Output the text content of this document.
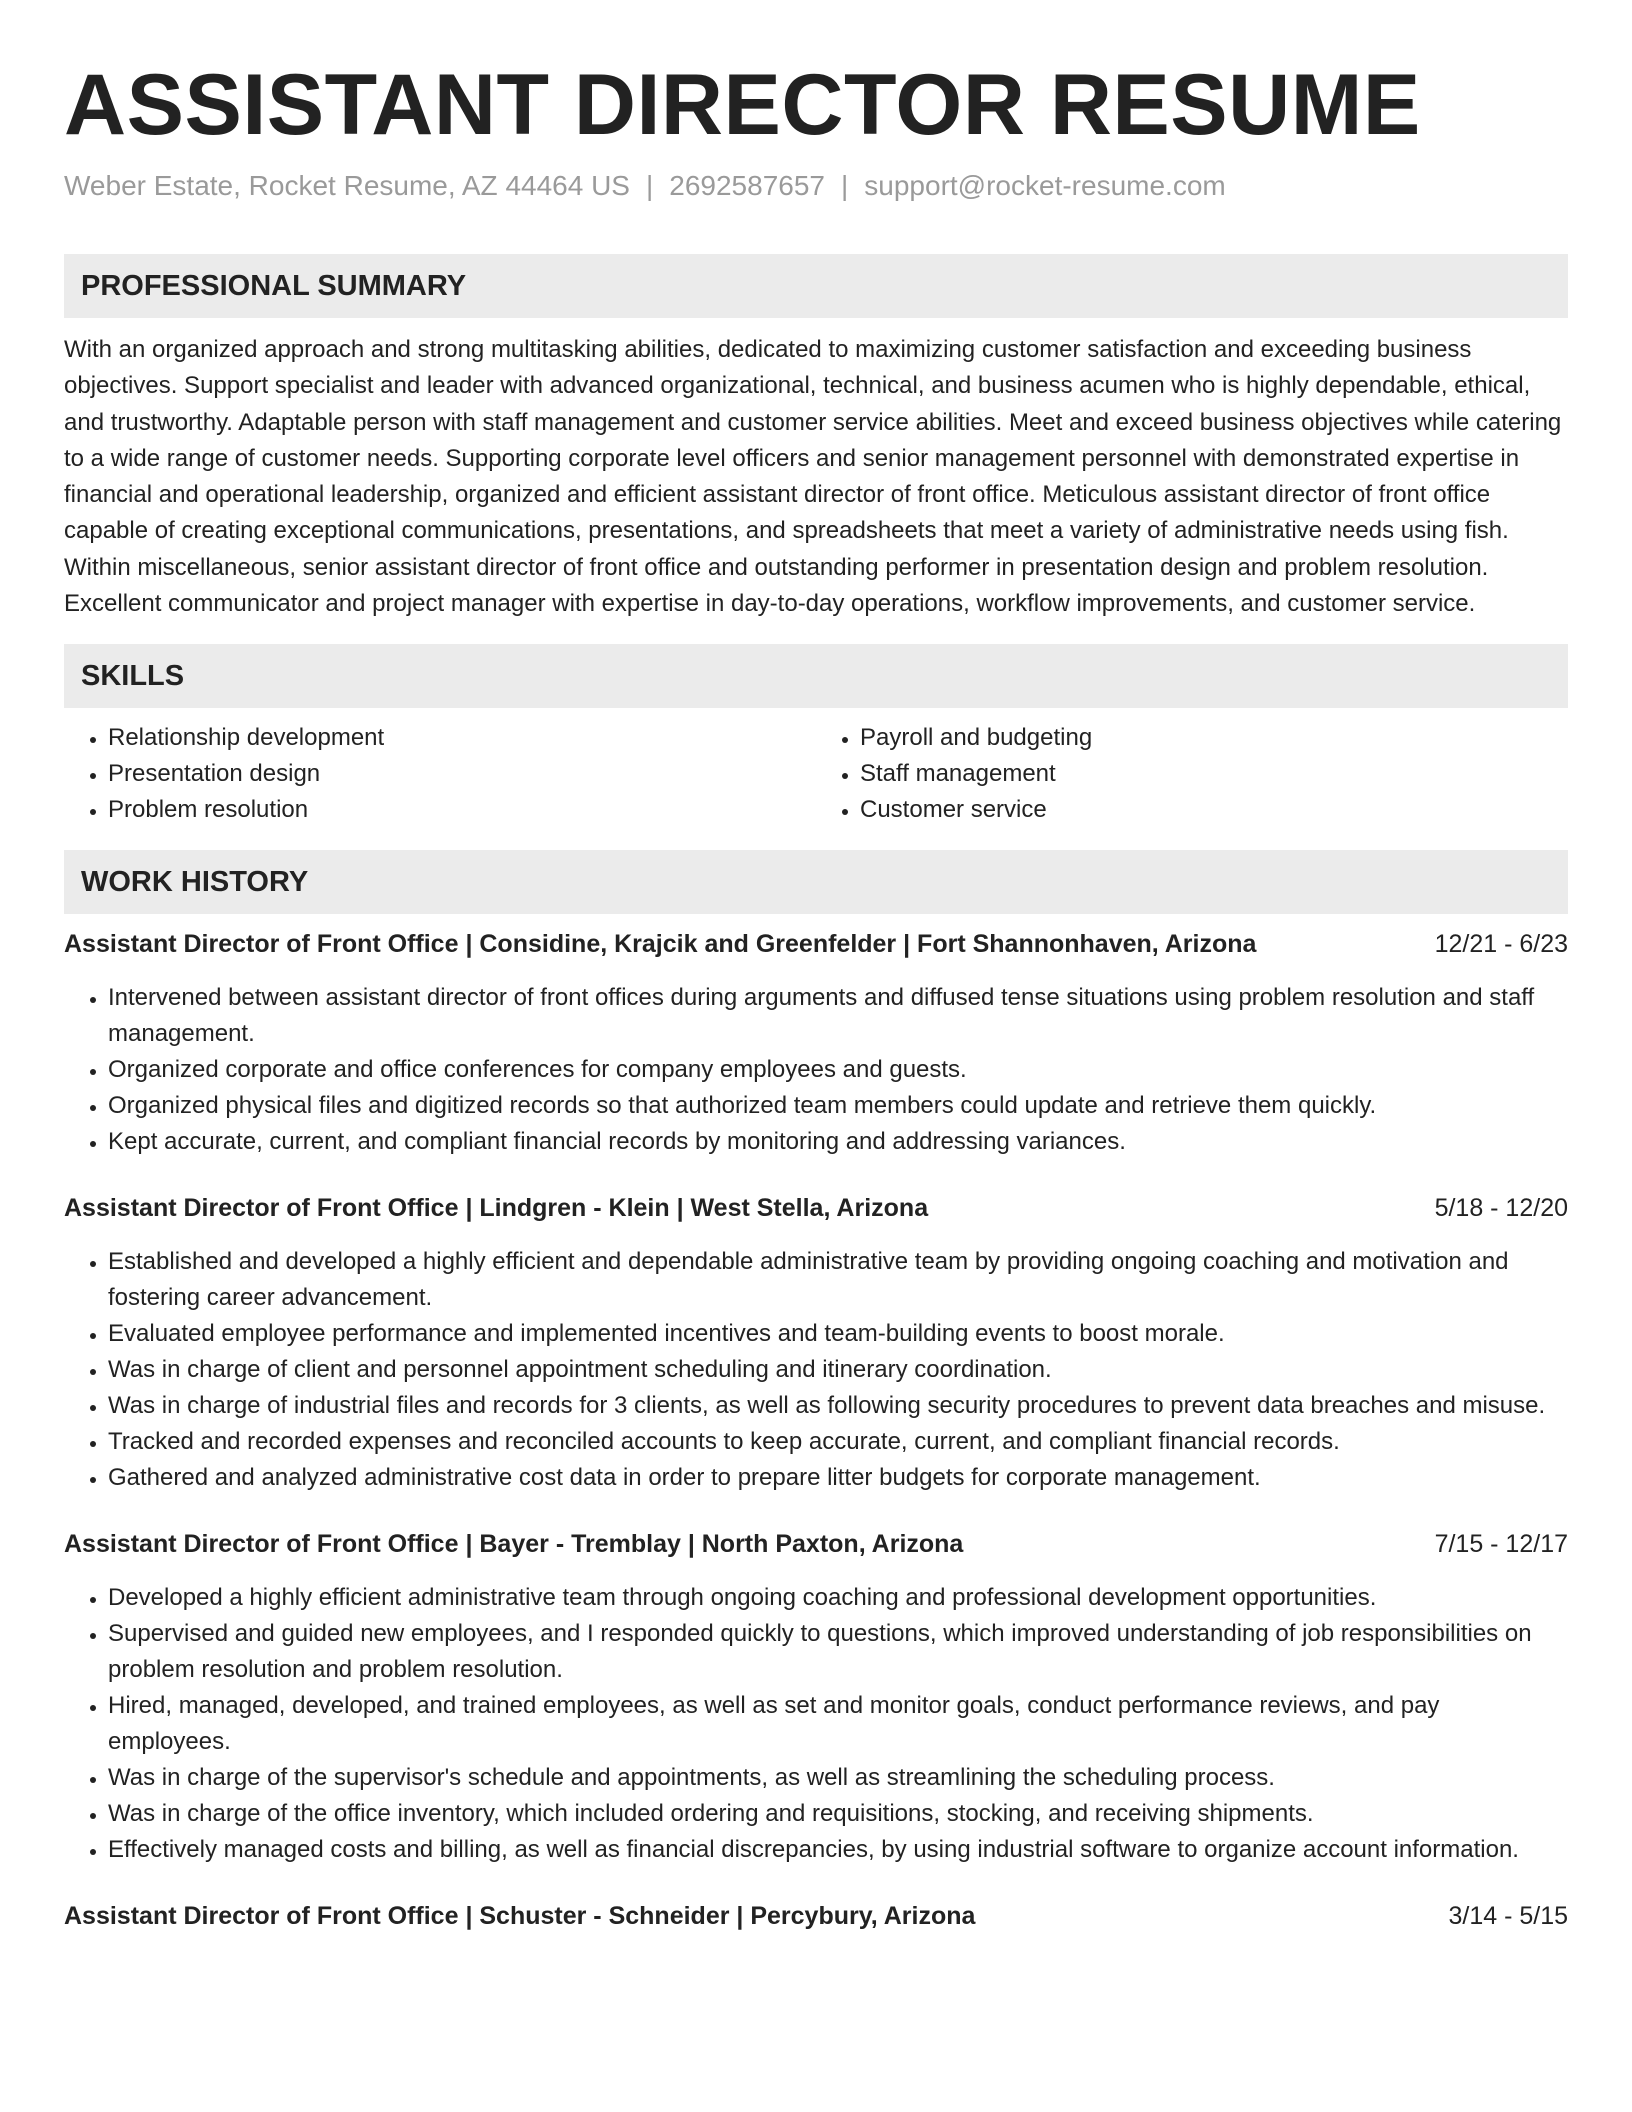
ASSISTANT DIRECTOR RESUME
Weber Estate, Rocket Resume, AZ 44464 US | 2692587657 | support@rocket-resume.com
PROFESSIONAL SUMMARY

With an organized approach and strong multitasking abilities, dedicated to maximizing customer satisfaction and exceeding business objectives. Support specialist and leader with advanced organizational, technical, and business acumen who is highly dependable, ethical, and trustworthy. Adaptable person with staff management and customer service abilities. Meet and exceed business objectives while catering to a wide range of customer needs. Supporting corporate level officers and senior management personnel with demonstrated expertise in financial and operational leadership, organized and efficient assistant director of front office. Meticulous assistant director of front office capable of creating exceptional communications, presentations, and spreadsheets that meet a variety of administrative needs using fish. Within miscellaneous, senior assistant director of front office and outstanding performer in presentation design and problem resolution. Excellent communicator and project manager with expertise in day-to-day operations, workflow improvements, and customer service.

SKILLS
• Relationship development
• Presentation design
• Problem resolution
• Payroll and budgeting
• Staff management
• Customer service
WORK HISTORY
Assistant Director of Front Office | Considine, Krajcik and Greenfelder | Fort Shannonhaven, Arizona	12/21 - 6/23
• Intervened between assistant director of front offices during arguments and diffused tense situations using problem resolution and staff management.
• Organized corporate and office conferences for company employees and guests.
• Organized physical files and digitized records so that authorized team members could update and retrieve them quickly.
• Kept accurate, current, and compliant financial records by monitoring and addressing variances.
Assistant Director of Front Office | Lindgren - Klein | West Stella, Arizona	5/18 - 12/20
• Established and developed a highly efficient and dependable administrative team by providing ongoing coaching and motivation and fostering career advancement.
• Evaluated employee performance and implemented incentives and team-building events to boost morale.
• Was in charge of client and personnel appointment scheduling and itinerary coordination.
• Was in charge of industrial files and records for 3 clients, as well as following security procedures to prevent data breaches and misuse.
• Tracked and recorded expenses and reconciled accounts to keep accurate, current, and compliant financial records.
• Gathered and analyzed administrative cost data in order to prepare litter budgets for corporate management.
Assistant Director of Front Office | Bayer - Tremblay | North Paxton, Arizona	7/15 - 12/17
• Developed a highly efficient administrative team through ongoing coaching and professional development opportunities.
• Supervised and guided new employees, and I responded quickly to questions, which improved understanding of job responsibilities on problem resolution and problem resolution.
• Hired, managed, developed, and trained employees, as well as set and monitor goals, conduct performance reviews, and pay employees.
• Was in charge of the supervisor's schedule and appointments, as well as streamlining the scheduling process.
• Was in charge of the office inventory, which included ordering and requisitions, stocking, and receiving shipments.
• Effectively managed costs and billing, as well as financial discrepancies, by using industrial software to organize account information.
Assistant Director of Front Office | Schuster - Schneider | Percybury, Arizona	3/14 - 5/15
